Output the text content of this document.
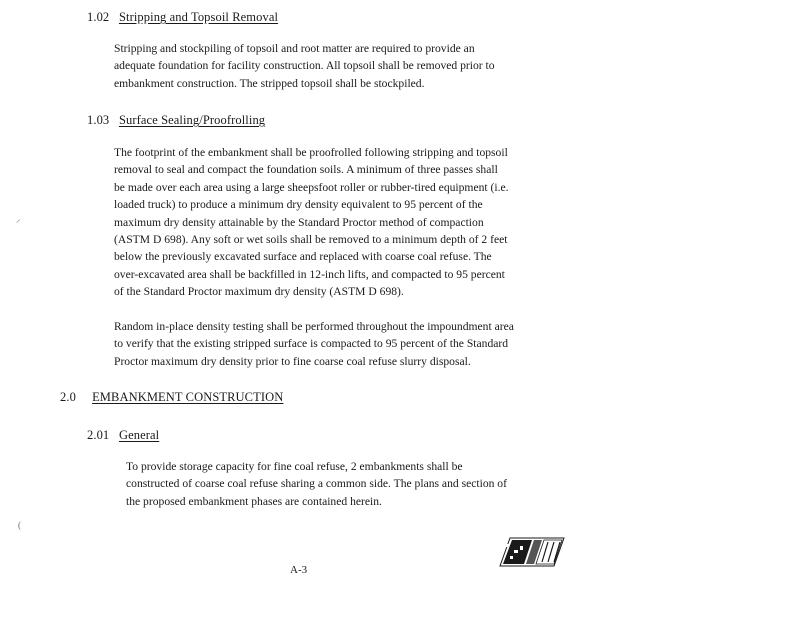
1.02 Stripping and Topsoil Removal
Stripping and stockpiling of topsoil and root matter are required to provide an
adequate foundation for facility construction. All topsoil shall be removed prior to
embankment construction. The stripped topsoil shall be stockpiled.
1.03 Surface Sealing/Proofrolling
The footprint of the embankment shall be proofrolled following stripping and topsoil
removal to seal and compact the foundation soils. A minimum of three passes shall
be made over each area using a large sheepsfoot roller or rubber-tired equipment (i.e.
loaded truck) to produce a minimum dry density equivalent to 95 percent of the
maximum dry density attainable by the Standard Proctor method of compaction
(ASTM D 698). Any soft or wet soils shall be removed to a minimum depth of 2 feet
below the previously excavated surface and replaced with coarse coal refuse. The
over-excavated area shall be backfilled in 12-inch lifts, and compacted to 95 percent
of the Standard Proctor maximum dry density (ASTM D 698).
Random in-place density testing shall be performed throughout the impoundment area
to verify that the existing stripped surface is compacted to 95 percent of the Standard
Proctor maximum dry density prior to fine coarse coal refuse slurry disposal.
2.0 EMBANKMENT CONSTRUCTION
2.01 General
To provide storage capacity for fine coal refuse, 2 embankments shall be
constructed of coarse coal refuse sharing a common side. The plans and section of
the proposed embankment phases are contained herein.
⸝
(
A-3
